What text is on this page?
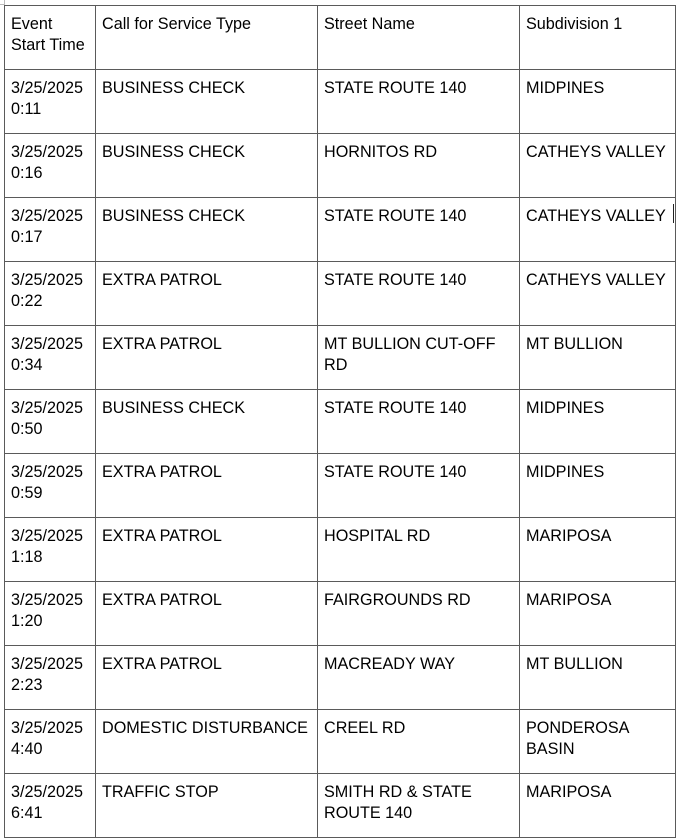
Event Start Time	Call for Service Type	Street Name	Subdivision 1
3/25/2025 0:11	BUSINESS CHECK	STATE ROUTE 140	MIDPINES
3/25/2025 0:16	BUSINESS CHECK	HORNITOS RD	CATHEYS VALLEY
3/25/2025 0:17	BUSINESS CHECK	STATE ROUTE 140	CATHEYS VALLEY
3/25/2025 0:22	EXTRA PATROL	STATE ROUTE 140	CATHEYS VALLEY
3/25/2025 0:34	EXTRA PATROL	MT BULLION CUT-OFF RD	MT BULLION
3/25/2025 0:50	BUSINESS CHECK	STATE ROUTE 140	MIDPINES
3/25/2025 0:59	EXTRA PATROL	STATE ROUTE 140	MIDPINES
3/25/2025 1:18	EXTRA PATROL	HOSPITAL RD	MARIPOSA
3/25/2025 1:20	EXTRA PATROL	FAIRGROUNDS RD	MARIPOSA
3/25/2025 2:23	EXTRA PATROL	MACREADY WAY	MT BULLION
3/25/2025 4:40	DOMESTIC DISTURBANCE	CREEL RD	PONDEROSA BASIN
3/25/2025 6:41	TRAFFIC STOP	SMITH RD & STATE ROUTE 140	MARIPOSA
